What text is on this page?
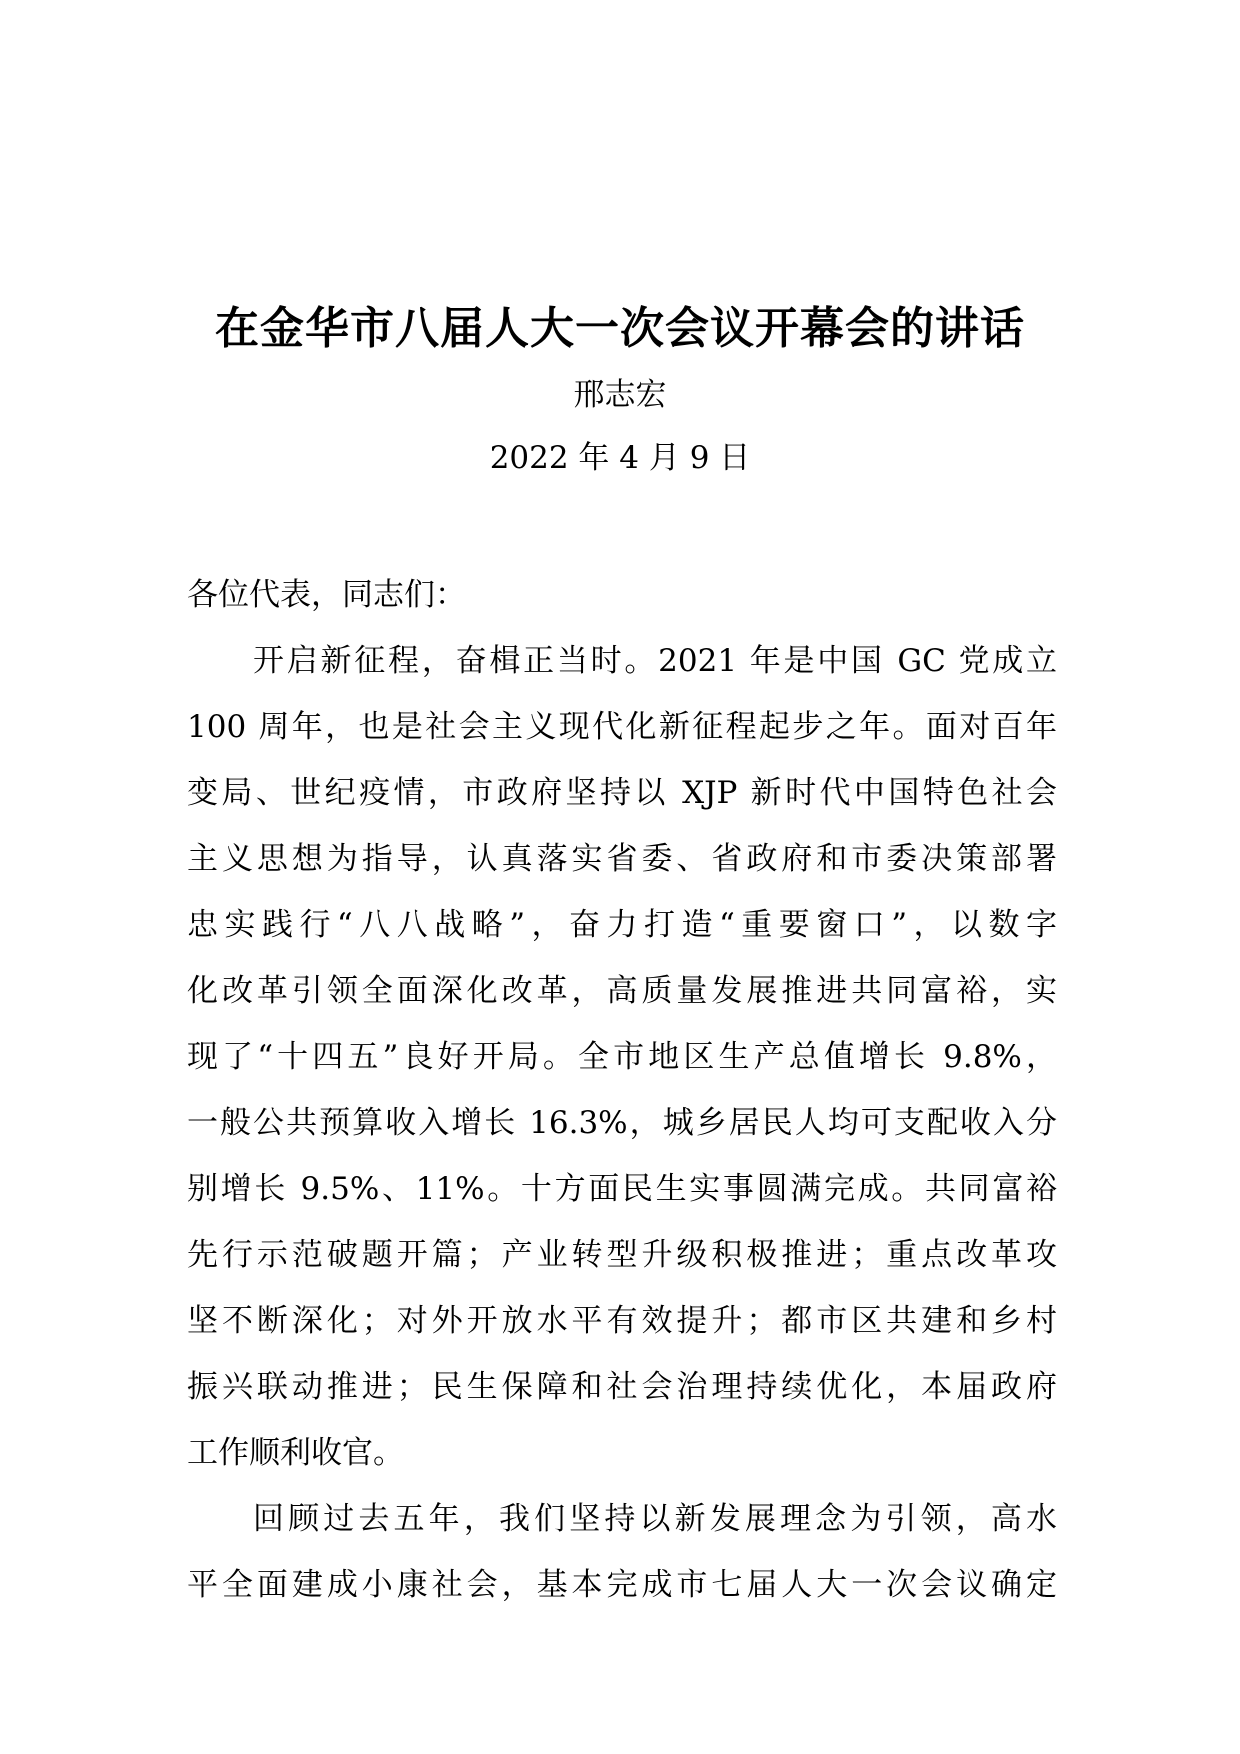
在金华市八届人大一次会议开幕会的讲话
邢志宏
2022 年 4 月 9 日
各位代表，同志们：
开启新征程，奋楫正当时。2021 年是中国 GC 党成立
100 周年，也是社会主义现代化新征程起步之年。面对百年
变局、世纪疫情，市政府坚持以 XJP 新时代中国特色社会
主义思想为指导，认真落实省委、省政府和市委决策部署
忠实践行“八八战略”，奋力打造“重要窗口”，以数字
化改革引领全面深化改革，高质量发展推进共同富裕，实
现了“十四五”良好开局。全市地区生产总值增长 9.8%，
一般公共预算收入增长 16.3%，城乡居民人均可支配收入分
别增长 9.5%、11%。十方面民生实事圆满完成。共同富裕
先行示范破题开篇；产业转型升级积极推进；重点改革攻
坚不断深化；对外开放水平有效提升；都市区共建和乡村
振兴联动推进；民生保障和社会治理持续优化，本届政府
工作顺利收官。
回顾过去五年，我们坚持以新发展理念为引领，高水
平全面建成小康社会，基本完成市七届人大一次会议确定
